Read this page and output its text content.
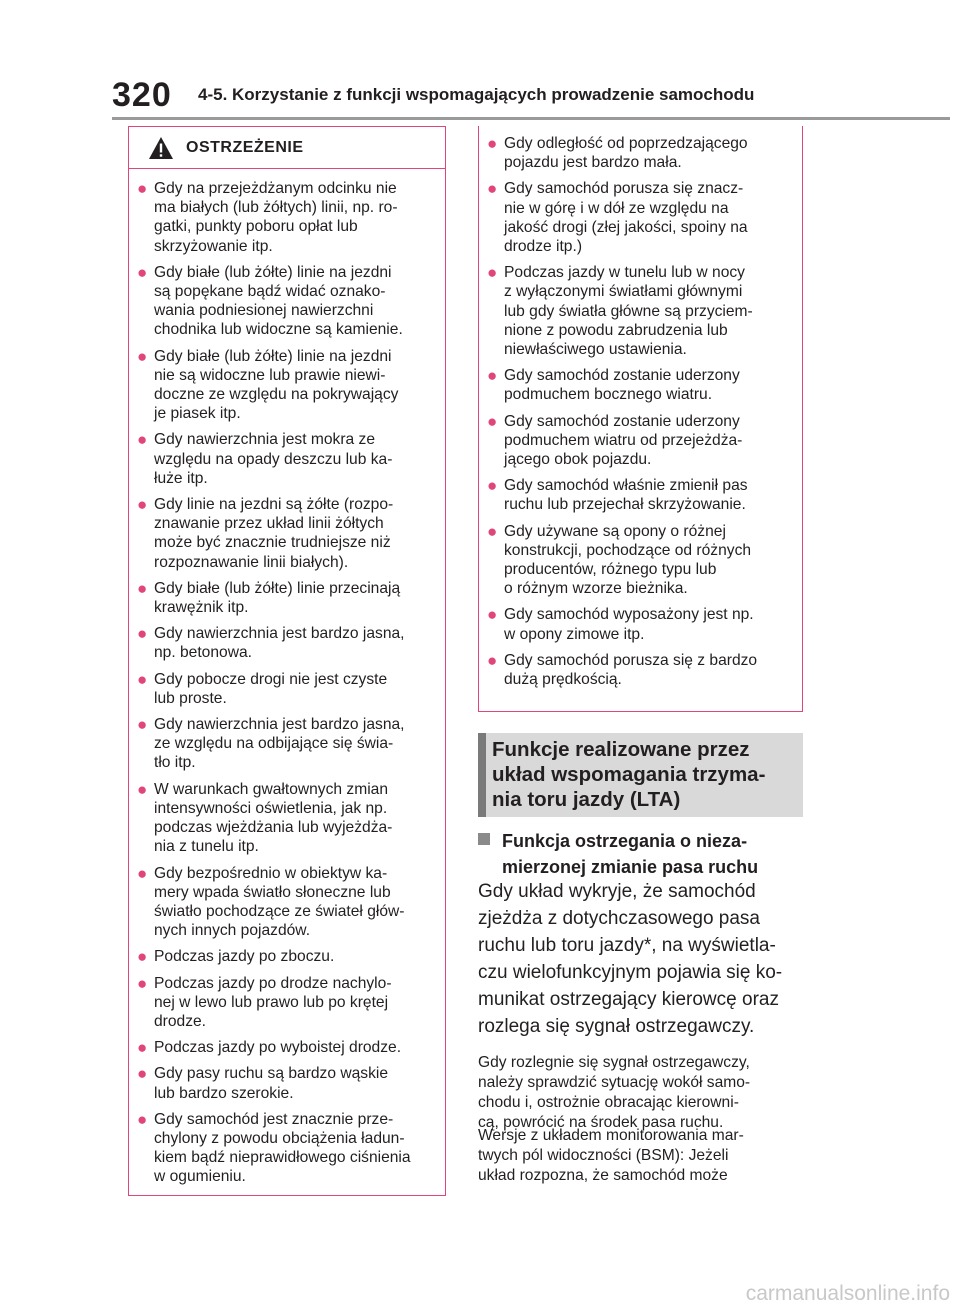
320 4-5. Korzystanie z funkcji wspomagających prowadzenie samochodu
OSTRZEŻENIE
● Gdy na przejeżdżanym odcinku nie
ma białych (lub żółtych) linii, np. ro-
gatki, punkty poboru opłat lub
skrzyżowanie itp.
● Gdy białe (lub żółte) linie na jezdni
są popękane bądź widać oznako-
wania podniesionej nawierzchni
chodnika lub widoczne są kamienie.
● Gdy białe (lub żółte) linie na jezdni
nie są widoczne lub prawie niewi-
doczne ze względu na pokrywający
je piasek itp.
● Gdy nawierzchnia jest mokra ze
względu na opady deszczu lub ka-
łuże itp.
● Gdy linie na jezdni są żółte (rozpo-
znawanie przez układ linii żółtych
może być znacznie trudniejsze niż
rozpoznawanie linii białych).
● Gdy białe (lub żółte) linie przecinają
krawężnik itp.
● Gdy nawierzchnia jest bardzo jasna,
np. betonowa.
● Gdy pobocze drogi nie jest czyste
lub proste.
● Gdy nawierzchnia jest bardzo jasna,
ze względu na odbijające się świa-
tło itp.
● W warunkach gwałtownych zmian
intensywności oświetlenia, jak np.
podczas wjeżdżania lub wyjeżdża-
nia z tunelu itp.
● Gdy bezpośrednio w obiektyw ka-
mery wpada światło słoneczne lub
światło pochodzące ze świateł głów-
nych innych pojazdów.
● Podczas jazdy po zboczu.
● Podczas jazdy po drodze nachylo-
nej w lewo lub prawo lub po krętej
drodze.
● Podczas jazdy po wyboistej drodze.
● Gdy pasy ruchu są bardzo wąskie
lub bardzo szerokie.
● Gdy samochód jest znacznie prze-
chylony z powodu obciążenia ładun-
kiem bądź nieprawidłowego ciśnienia
w ogumieniu.
● Gdy odległość od poprzedzającego
pojazdu jest bardzo mała.
● Gdy samochód porusza się znacz-
nie w górę i w dół ze względu na
jakość drogi (złej jakości, spoiny na
drodze itp.)
● Podczas jazdy w tunelu lub w nocy
z wyłączonymi światłami głównymi
lub gdy światła główne są przyciem-
nione z powodu zabrudzenia lub
niewłaściwego ustawienia.
● Gdy samochód zostanie uderzony
podmuchem bocznego wiatru.
● Gdy samochód zostanie uderzony
podmuchem wiatru od przejeżdża-
jącego obok pojazdu.
● Gdy samochód właśnie zmienił pas
ruchu lub przejechał skrzyżowanie.
● Gdy używane są opony o różnej
konstrukcji, pochodzące od różnych
producentów, różnego typu lub
o różnym wzorze bieżnika.
● Gdy samochód wyposażony jest np.
w opony zimowe itp.
● Gdy samochód porusza się z bardzo
dużą prędkością.
Funkcje realizowane przez
układ wspomagania trzyma-
nia toru jazdy (LTA)
Funkcja ostrzegania o nieza-
mierzonej zmianie pasa ruchu
Gdy układ wykryje, że samochód
zjeżdża z dotychczasowego pasa
ruchu lub toru jazdy*, na wyświetla-
czu wielofunkcyjnym pojawia się ko-
munikat ostrzegający kierowcę oraz
rozlega się sygnał ostrzegawczy.
Gdy rozlegnie się sygnał ostrzegawczy,
należy sprawdzić sytuację wokół samo-
chodu i, ostrożnie obracając kierowni-
cą, powrócić na środek pasa ruchu.
Wersje z układem monitorowania mar-
twych pól widoczności (BSM): Jeżeli
układ rozpozna, że samochód może
carmanualsonline.info
